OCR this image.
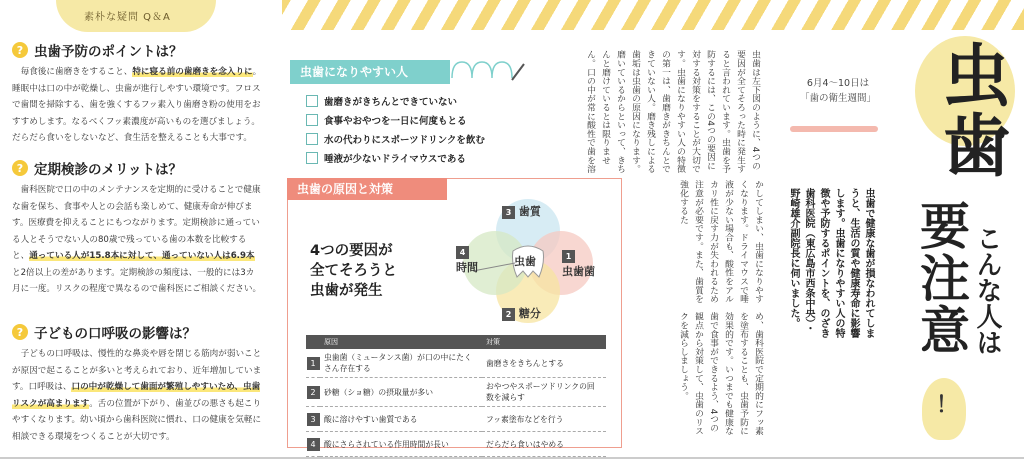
素朴な疑問 Q＆A
? 虫歯予防のポイントは？
毎食後に歯磨きをすること、特に寝る前の歯磨きを念入りに。睡眠中は口の中が乾燥し、虫歯が進行しやすい環境です。フロスで歯間を掃除する、歯を強くするフッ素入り歯磨き粉の使用をおすすめします。なるべくフッ素濃度が高いものを選びましょう。だらだら食いをしないなど、食生活を整えることも大事です。
? 定期検診のメリットは？
歯科医院で口の中のメンテナンスを定期的に受けることで健康な歯を保ち、食事や人との会話も楽しめて、健康寿命が伸びます。医療費を抑えることにもつながります。定期検診に通っている人とそうでない人の80歳で残っている歯の本数を比較すると、通っている人が15.8本に対して、通っていない人は6.9本と2倍以上の差があります。定期検診の頻度は、一般的には3カ月に一度。リスクの程度で異なるので歯科医にご相談ください。
? 子どもの口呼吸の影響は？
子どもの口呼吸は、慢性的な鼻炎や唇を閉じる筋肉が弱いことが原因で起こることが多いと考えられており、近年増加しています。口呼吸は、口の中が乾燥して歯面が繁殖しやすいため、虫歯リスクが高まります。舌の位置が下がり、歯並びの悪さも起こりやすくなります。幼い頃から歯科医院に慣れ、口の健康を気軽に相談できる環境をつくることが大切です。
虫歯になりやすい人
歯磨きがきちんとできていない
食事やおやつを一日に何度もとる
水の代わりにスポーツドリンクを飲む
唾液が少ないドライマウスである
虫歯の原因と対策
4つの要因が
全てそろうと
虫歯が発生
虫歯
3 歯質
1
虫歯菌
2 糖分
4
時間
	原因	対策
1	虫歯菌（ミュータンス菌）が口の中にたくさん存在する	歯磨きをきちんとする
2	砂糖（ショ糖）の摂取量が多い	おやつやスポーツドリンクの回数を減らす
3	酸に溶けやすい歯質である	フッ素塗布などを行う
4	酸にさらされている作用時間が長い	だらだら食いはやめる
虫歯は左下図のように、4つの要因が全てそろった時に発生すると言われています。虫歯を予防するには、この4つの要因に対する対策をすることが大切です。虫歯になりやすい人の特徴の第一は、歯磨きがきちんとできていない人。磨き残しによる歯垢は虫歯の原因になります。磨いているからといって、きちんと磨けているとは限りません。口の中が常に酸性で歯を溶
かしてしまい、虫歯になりやすくなります。ドライマウスで唾液が少ない場合も、酸性をアルカリ性に戻す力が失われるため注意が必要です。また、歯質を強化するた
め、歯科医院で定期的にフッ素を塗布することも、虫歯予防に効果的です。いつまでも健康な歯で食事ができるよう、4つの観点から対策して、虫歯のリスクを減らしましょう。
虫歯で健康な歯が損なわれてしまうと、生活の質や健康寿命に影響します。虫歯になりやすい人の特徴や予防するポイントを、のざき歯科医院（東広島市西条中央）・野崎雄介副院長に伺いました。
6月4〜10日は
「歯の衛生週間」 虫歯
こんな人は
要注意
！
